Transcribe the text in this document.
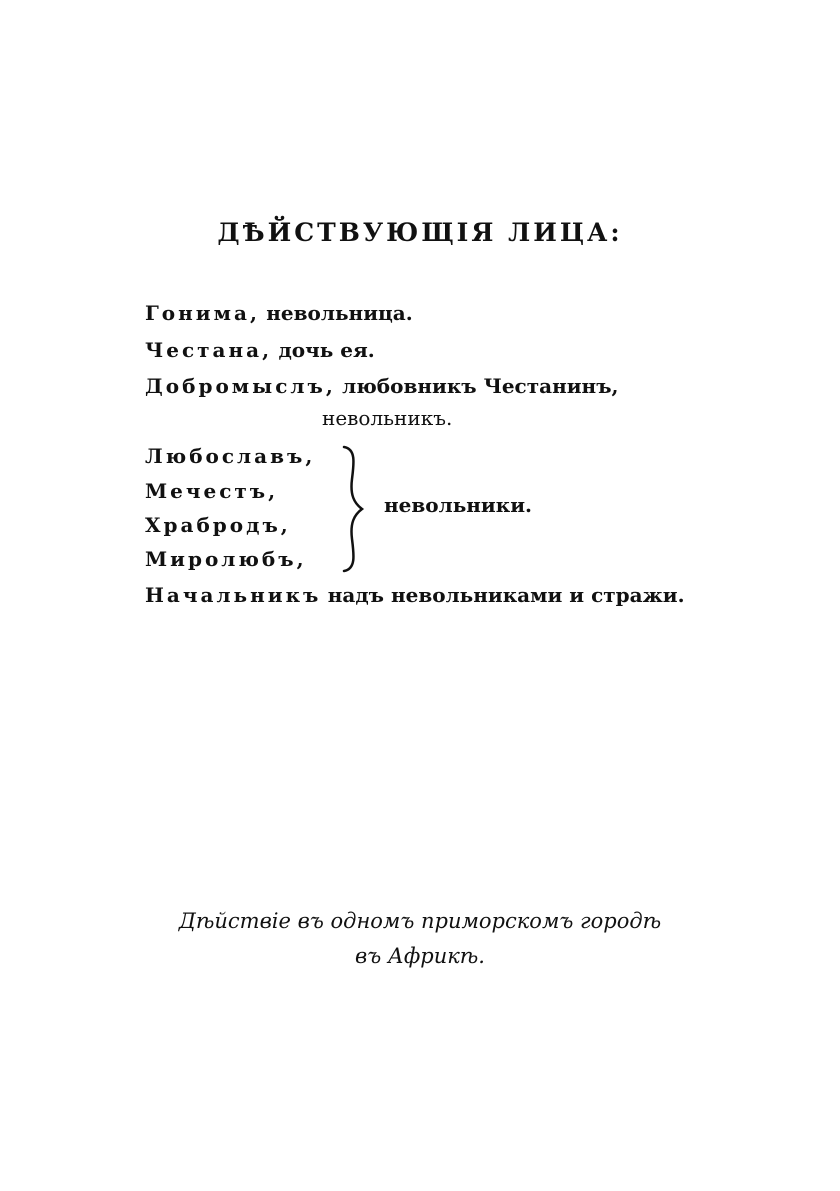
ДѢЙСТВУЮЩІЯ ЛИЦА:
Гонима, невольница.
Честана, дочь ея.
Добромыслъ, любовникъ Честанинъ,
невольникъ.
Любославъ,
Мечестъ,
Храбродъ,
Миролюбъ,
невольники.
Начальникъ надъ невольниками и стражи.
Дѣйствіе въ одномъ приморскомъ городѣ
въ Африкѣ.
